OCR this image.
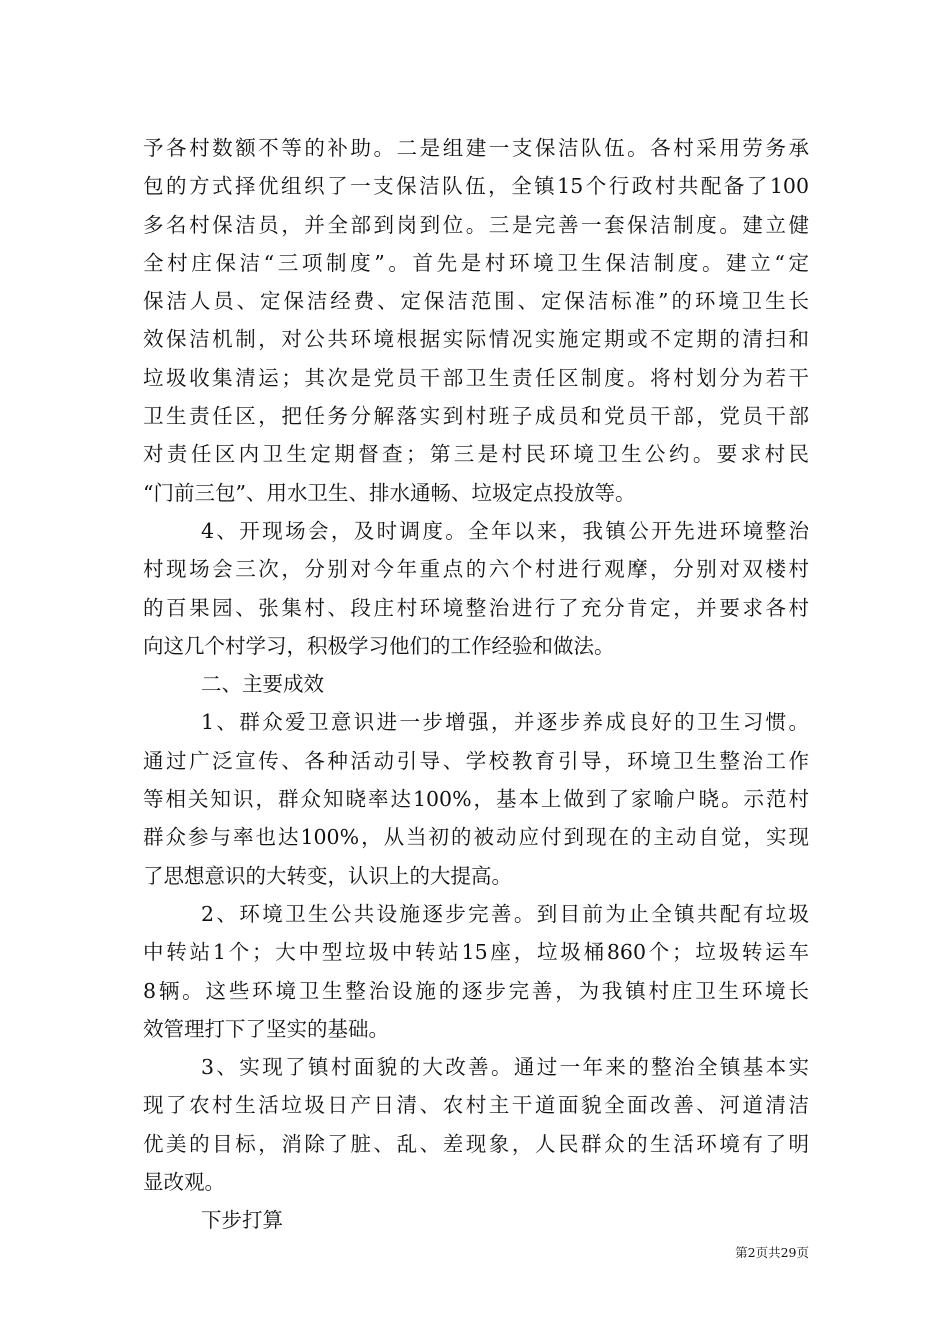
予各村数额不等的补助。二是组建一支保洁队伍。各村采用劳务承
包的方式择优组织了一支保洁队伍，全镇15个行政村共配备了100
多名村保洁员，并全部到岗到位。三是完善一套保洁制度。建立健
全村庄保洁“三项制度”。首先是村环境卫生保洁制度。建立“定
保洁人员、定保洁经费、定保洁范围、定保洁标准”的环境卫生长
效保洁机制，对公共环境根据实际情况实施定期或不定期的清扫和
垃圾收集清运；其次是党员干部卫生责任区制度。将村划分为若干
卫生责任区，把任务分解落实到村班子成员和党员干部，党员干部
对责任区内卫生定期督查；第三是村民环境卫生公约。要求村民
“门前三包”、用水卫生、排水通畅、垃圾定点投放等。
4、开现场会，及时调度。全年以来，我镇公开先进环境整治
村现场会三次，分别对今年重点的六个村进行观摩，分别对双楼村
的百果园、张集村、段庄村环境整治进行了充分肯定，并要求各村
向这几个村学习，积极学习他们的工作经验和做法。
二、主要成效
1、群众爱卫意识进一步增强，并逐步养成良好的卫生习惯。
通过广泛宣传、各种活动引导、学校教育引导，环境卫生整治工作
等相关知识，群众知晓率达100%，基本上做到了家喻户晓。示范村
群众参与率也达100%，从当初的被动应付到现在的主动自觉，实现
了思想意识的大转变，认识上的大提高。
2、环境卫生公共设施逐步完善。到目前为止全镇共配有垃圾
中转站1个；大中型垃圾中转站15座，垃圾桶860个；垃圾转运车
8辆。这些环境卫生整治设施的逐步完善，为我镇村庄卫生环境长
效管理打下了坚实的基础。
3、实现了镇村面貌的大改善。通过一年来的整治全镇基本实
现了农村生活垃圾日产日清、农村主干道面貌全面改善、河道清洁
优美的目标，消除了脏、乱、差现象，人民群众的生活环境有了明
显改观。
下步打算
第2页共29页
